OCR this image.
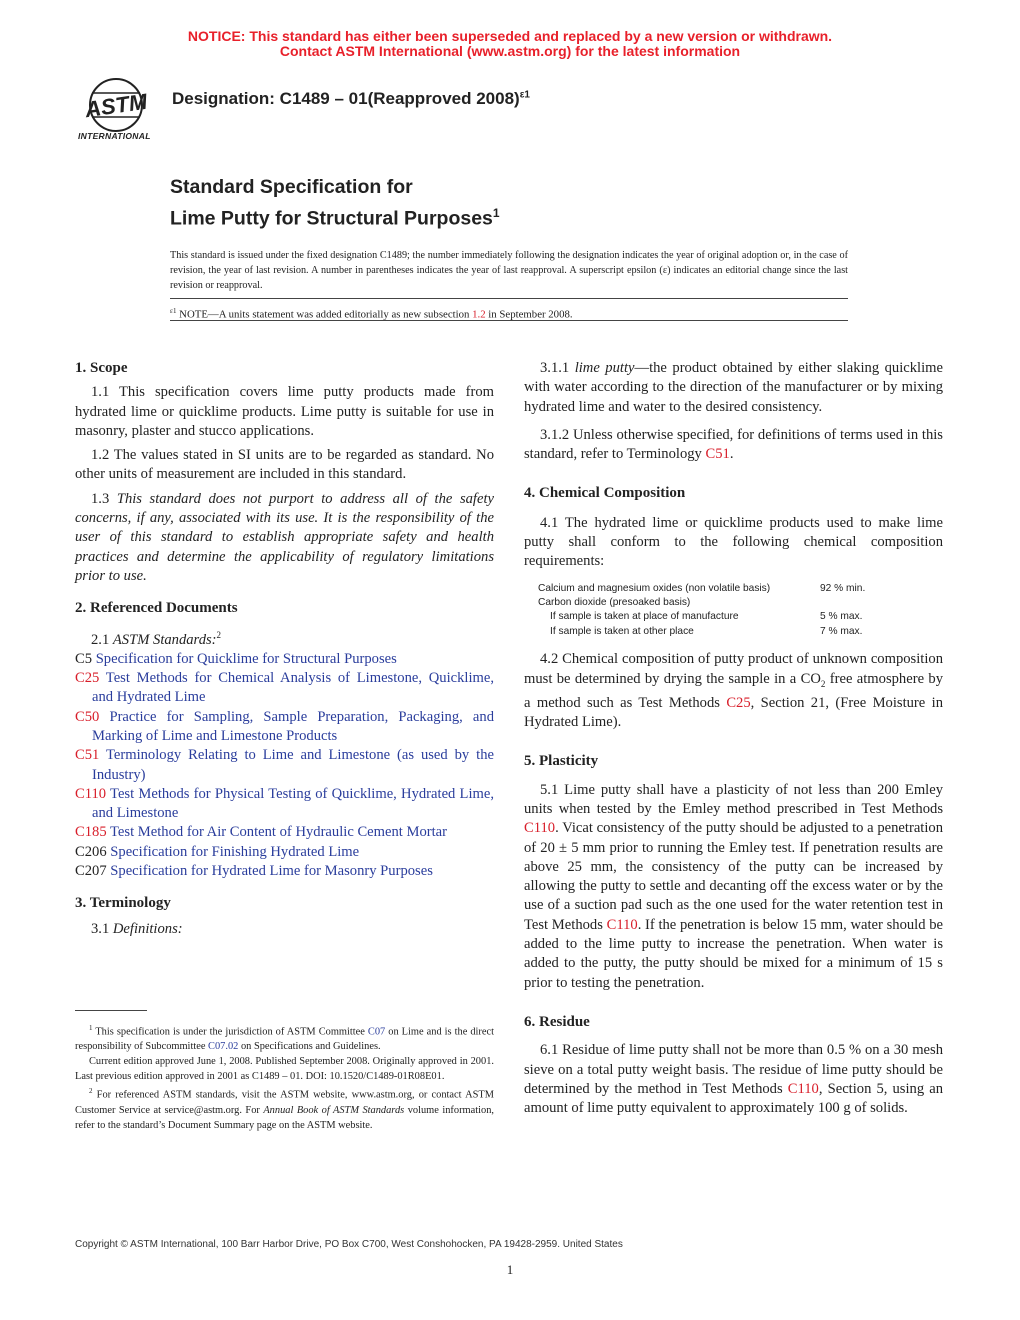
NOTICE: This standard has either been superseded and replaced by a new version or withdrawn.
Contact ASTM International (www.astm.org) for the latest information
ASTM
INTERNATIONAL
Designation: C1489 – 01(Reapproved 2008)$^{\varepsilon 1}$
Standard Specification for
Lime Putty for Structural Purposes$^1$
This standard is issued under the fixed designation C1489; the number immediately following the designation indicates the year of original adoption or, in the case of revision, the year of last revision. A number in parentheses indicates the year of last reapproval. A superscript epsilon (ε) indicates an editorial change since the last revision or reapproval.
$^{\varepsilon 1}$ NOTE—A units statement was added editorially as new subsection 1.2 in September 2008.
1. Scope

1.1 This specification covers lime putty products made from hydrated lime or quicklime products. Lime putty is suitable for use in masonry, plaster and stucco applications.

1.2 The values stated in SI units are to be regarded as standard. No other units of measurement are included in this standard.

1.3 This standard does not purport to address all of the safety concerns, if any, associated with its use. It is the responsibility of the user of this standard to establish appropriate safety and health practices and determine the applicability of regulatory limitations prior to use.

2. Referenced Documents

2.1 ASTM Standards:$^2$

C5 Specification for Quicklime for Structural Purposes

C25 Test Methods for Chemical Analysis of Limestone, Quicklime, and Hydrated Lime

C50 Practice for Sampling, Sample Preparation, Packaging, and Marking of Lime and Limestone Products

C51 Terminology Relating to Lime and Limestone (as used by the Industry)

C110 Test Methods for Physical Testing of Quicklime, Hydrated Lime, and Limestone

C185 Test Method for Air Content of Hydraulic Cement Mortar

C206 Specification for Finishing Hydrated Lime

C207 Specification for Hydrated Lime for Masonry Purposes

3. Terminology

3.1 Definitions:

$^1$ This specification is under the jurisdiction of ASTM Committee C07 on Lime and is the direct responsibility of Subcommittee C07.02 on Specifications and Guidelines.

Current edition approved June 1, 2008. Published September 2008. Originally approved in 2001. Last previous edition approved in 2001 as C1489 – 01. DOI: 10.1520/C1489-01R08E01.

$^2$ For referenced ASTM standards, visit the ASTM website, www.astm.org, or contact ASTM Customer Service at service@astm.org. For Annual Book of ASTM Standards volume information, refer to the standard’s Document Summary page on the ASTM website.

3.1.1 lime putty—the product obtained by either slaking quicklime with water according to the direction of the manufacturer or by mixing hydrated lime and water to the desired consistency.

3.1.2 Unless otherwise specified, for definitions of terms used in this standard, refer to Terminology C51.

4. Chemical Composition

4.1 The hydrated lime or quicklime products used to make lime putty shall conform to the following chemical composition requirements:

Calcium and magnesium oxides (non volatile basis)	92 % min.
Carbon dioxide (presoaked basis)	
If sample is taken at place of manufacture	5 % max.
If sample is taken at other place	7 % max.

4.2 Chemical composition of putty product of unknown composition must be determined by drying the sample in a $CO_2$ free atmosphere by a method such as Test Methods C25, Section 21, (Free Moisture in Hydrated Lime).

5. Plasticity

5.1 Lime putty shall have a plasticity of not less than 200 Emley units when tested by the Emley method prescribed in Test Methods C110. Vicat consistency of the putty should be adjusted to a penetration of 20 ± 5 mm prior to running the Emley test. If penetration results are above 25 mm, the consistency of the putty can be increased by allowing the putty to settle and decanting off the excess water or by the use of a suction pad such as the one used for the water retention test in Test Methods C110. If the penetration is below 15 mm, water should be added to the lime putty to increase the penetration. When water is added to the putty, the putty should be mixed for a minimum of 15 s prior to testing the penetration.

6. Residue

6.1 Residue of lime putty shall not be more than 0.5 % on a 30 mesh sieve on a total putty weight basis. The residue of lime putty should be determined by the method in Test Methods C110, Section 5, using an amount of lime putty equivalent to approximately 100 g of solids.

Copyright © ASTM International, 100 Barr Harbor Drive, PO Box C700, West Conshohocken, PA 19428-2959. United States
1
